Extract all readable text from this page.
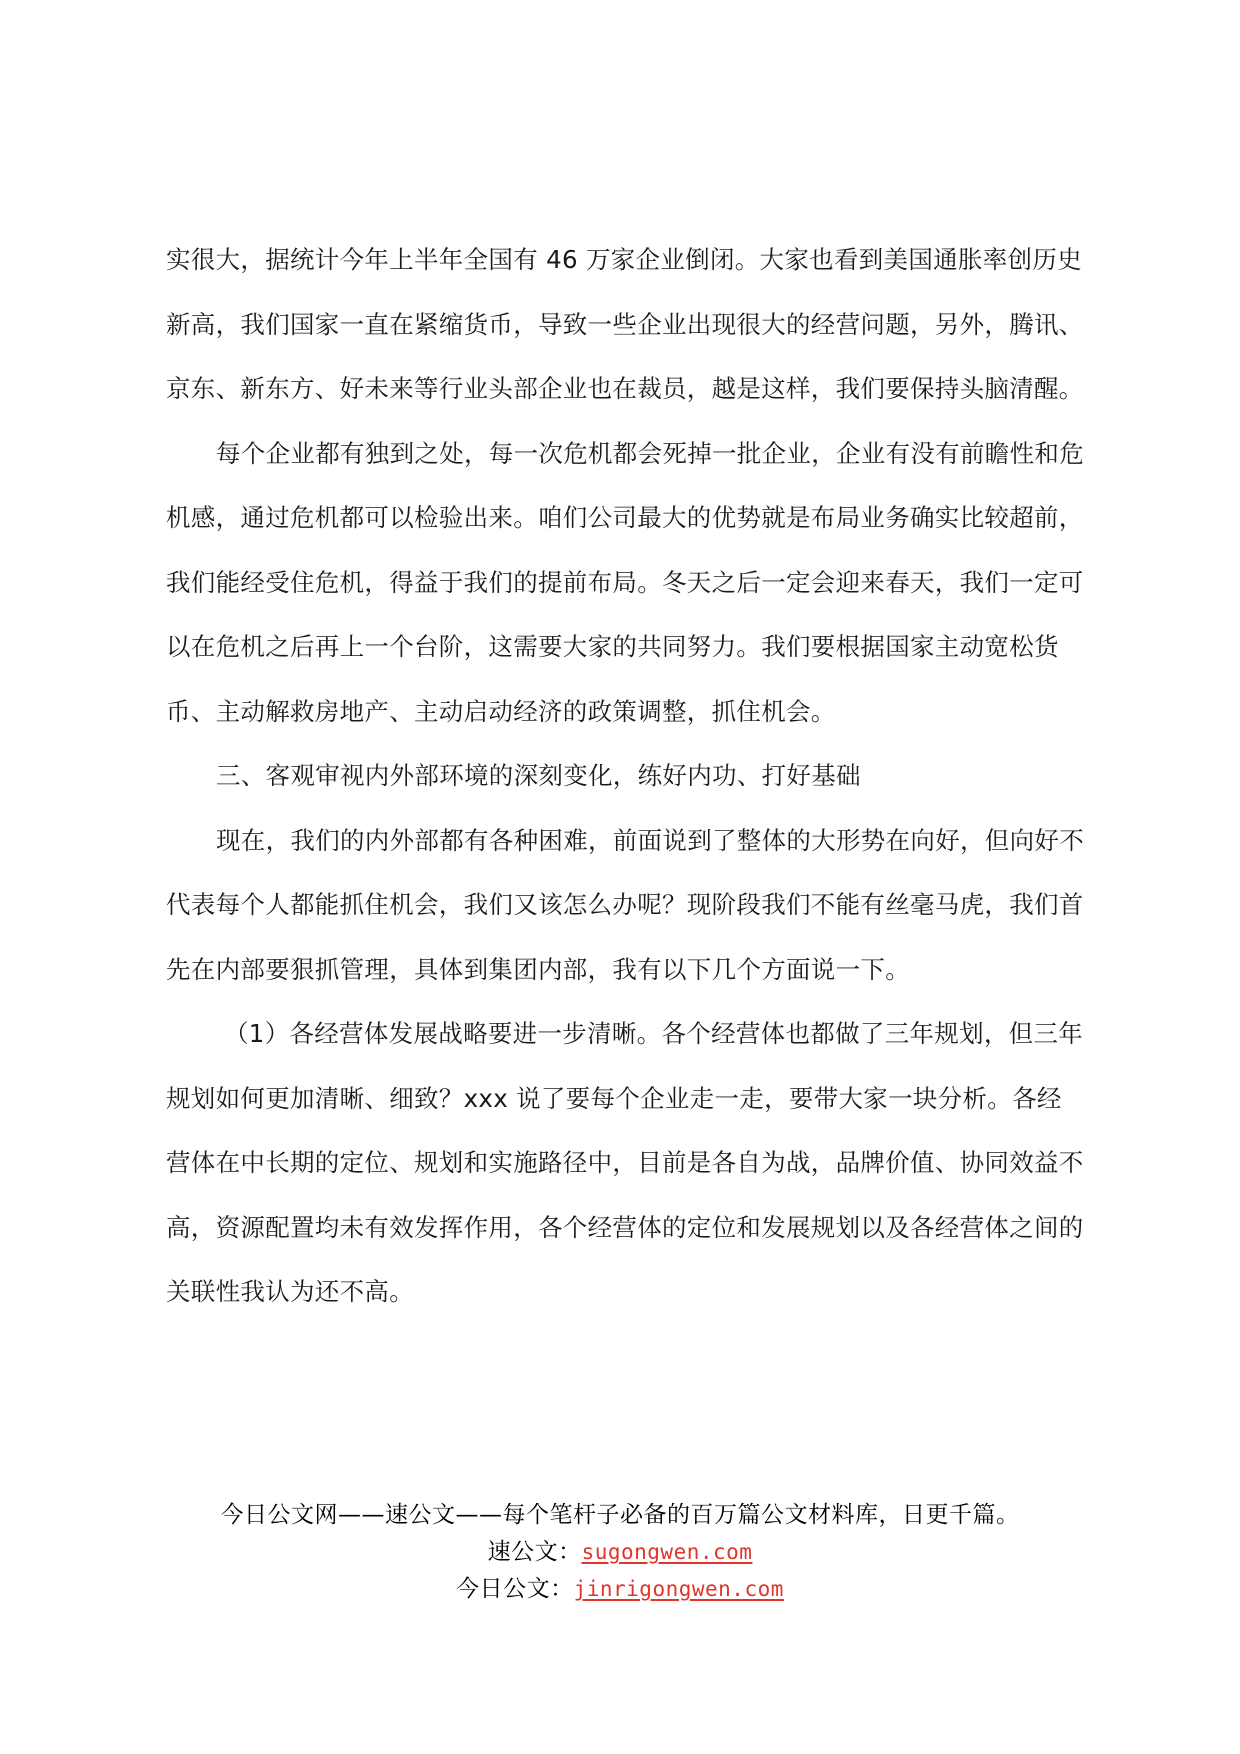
实很大，据统计今年上半年全国有 46 万家企业倒闭。大家也看到美国通胀率创历史新高，我们国家一直在紧缩货币，导致一些企业出现很大的经营问题，另外，腾讯、京东、新东方、好未来等行业头部企业也在裁员，越是这样，我们要保持头脑清醒。

每个企业都有独到之处，每一次危机都会死掉一批企业，企业有没有前瞻性和危机感，通过危机都可以检验出来。咱们公司最大的优势就是布局业务确实比较超前，我们能经受住危机，得益于我们的提前布局。冬天之后一定会迎来春天，我们一定可以在危机之后再上一个台阶，这需要大家的共同努力。我们要根据国家主动宽松货币、主动解救房地产、主动启动经济的政策调整，抓住机会。

三、客观审视内外部环境的深刻变化，练好内功、打好基础

现在，我们的内外部都有各种困难，前面说到了整体的大形势在向好，但向好不代表每个人都能抓住机会，我们又该怎么办呢？现阶段我们不能有丝毫马虎，我们首先在内部要狠抓管理，具体到集团内部，我有以下几个方面说一下。

（1）各经营体发展战略要进一步清晰。各个经营体也都做了三年规划，但三年规划如何更加清晰、细致？xxx 说了要每个企业走一走，要带大家一块分析。各经营体在中长期的定位、规划和实施路径中，目前是各自为战，品牌价值、协同效益不高，资源配置均未有效发挥作用，各个经营体的定位和发展规划以及各经营体之间的关联性我认为还不高。

今日公文网——速公文——每个笔杆子必备的百万篇公文材料库，日更千篇。
速公文：sugongwen.com
今日公文：jinrigongwen.com
